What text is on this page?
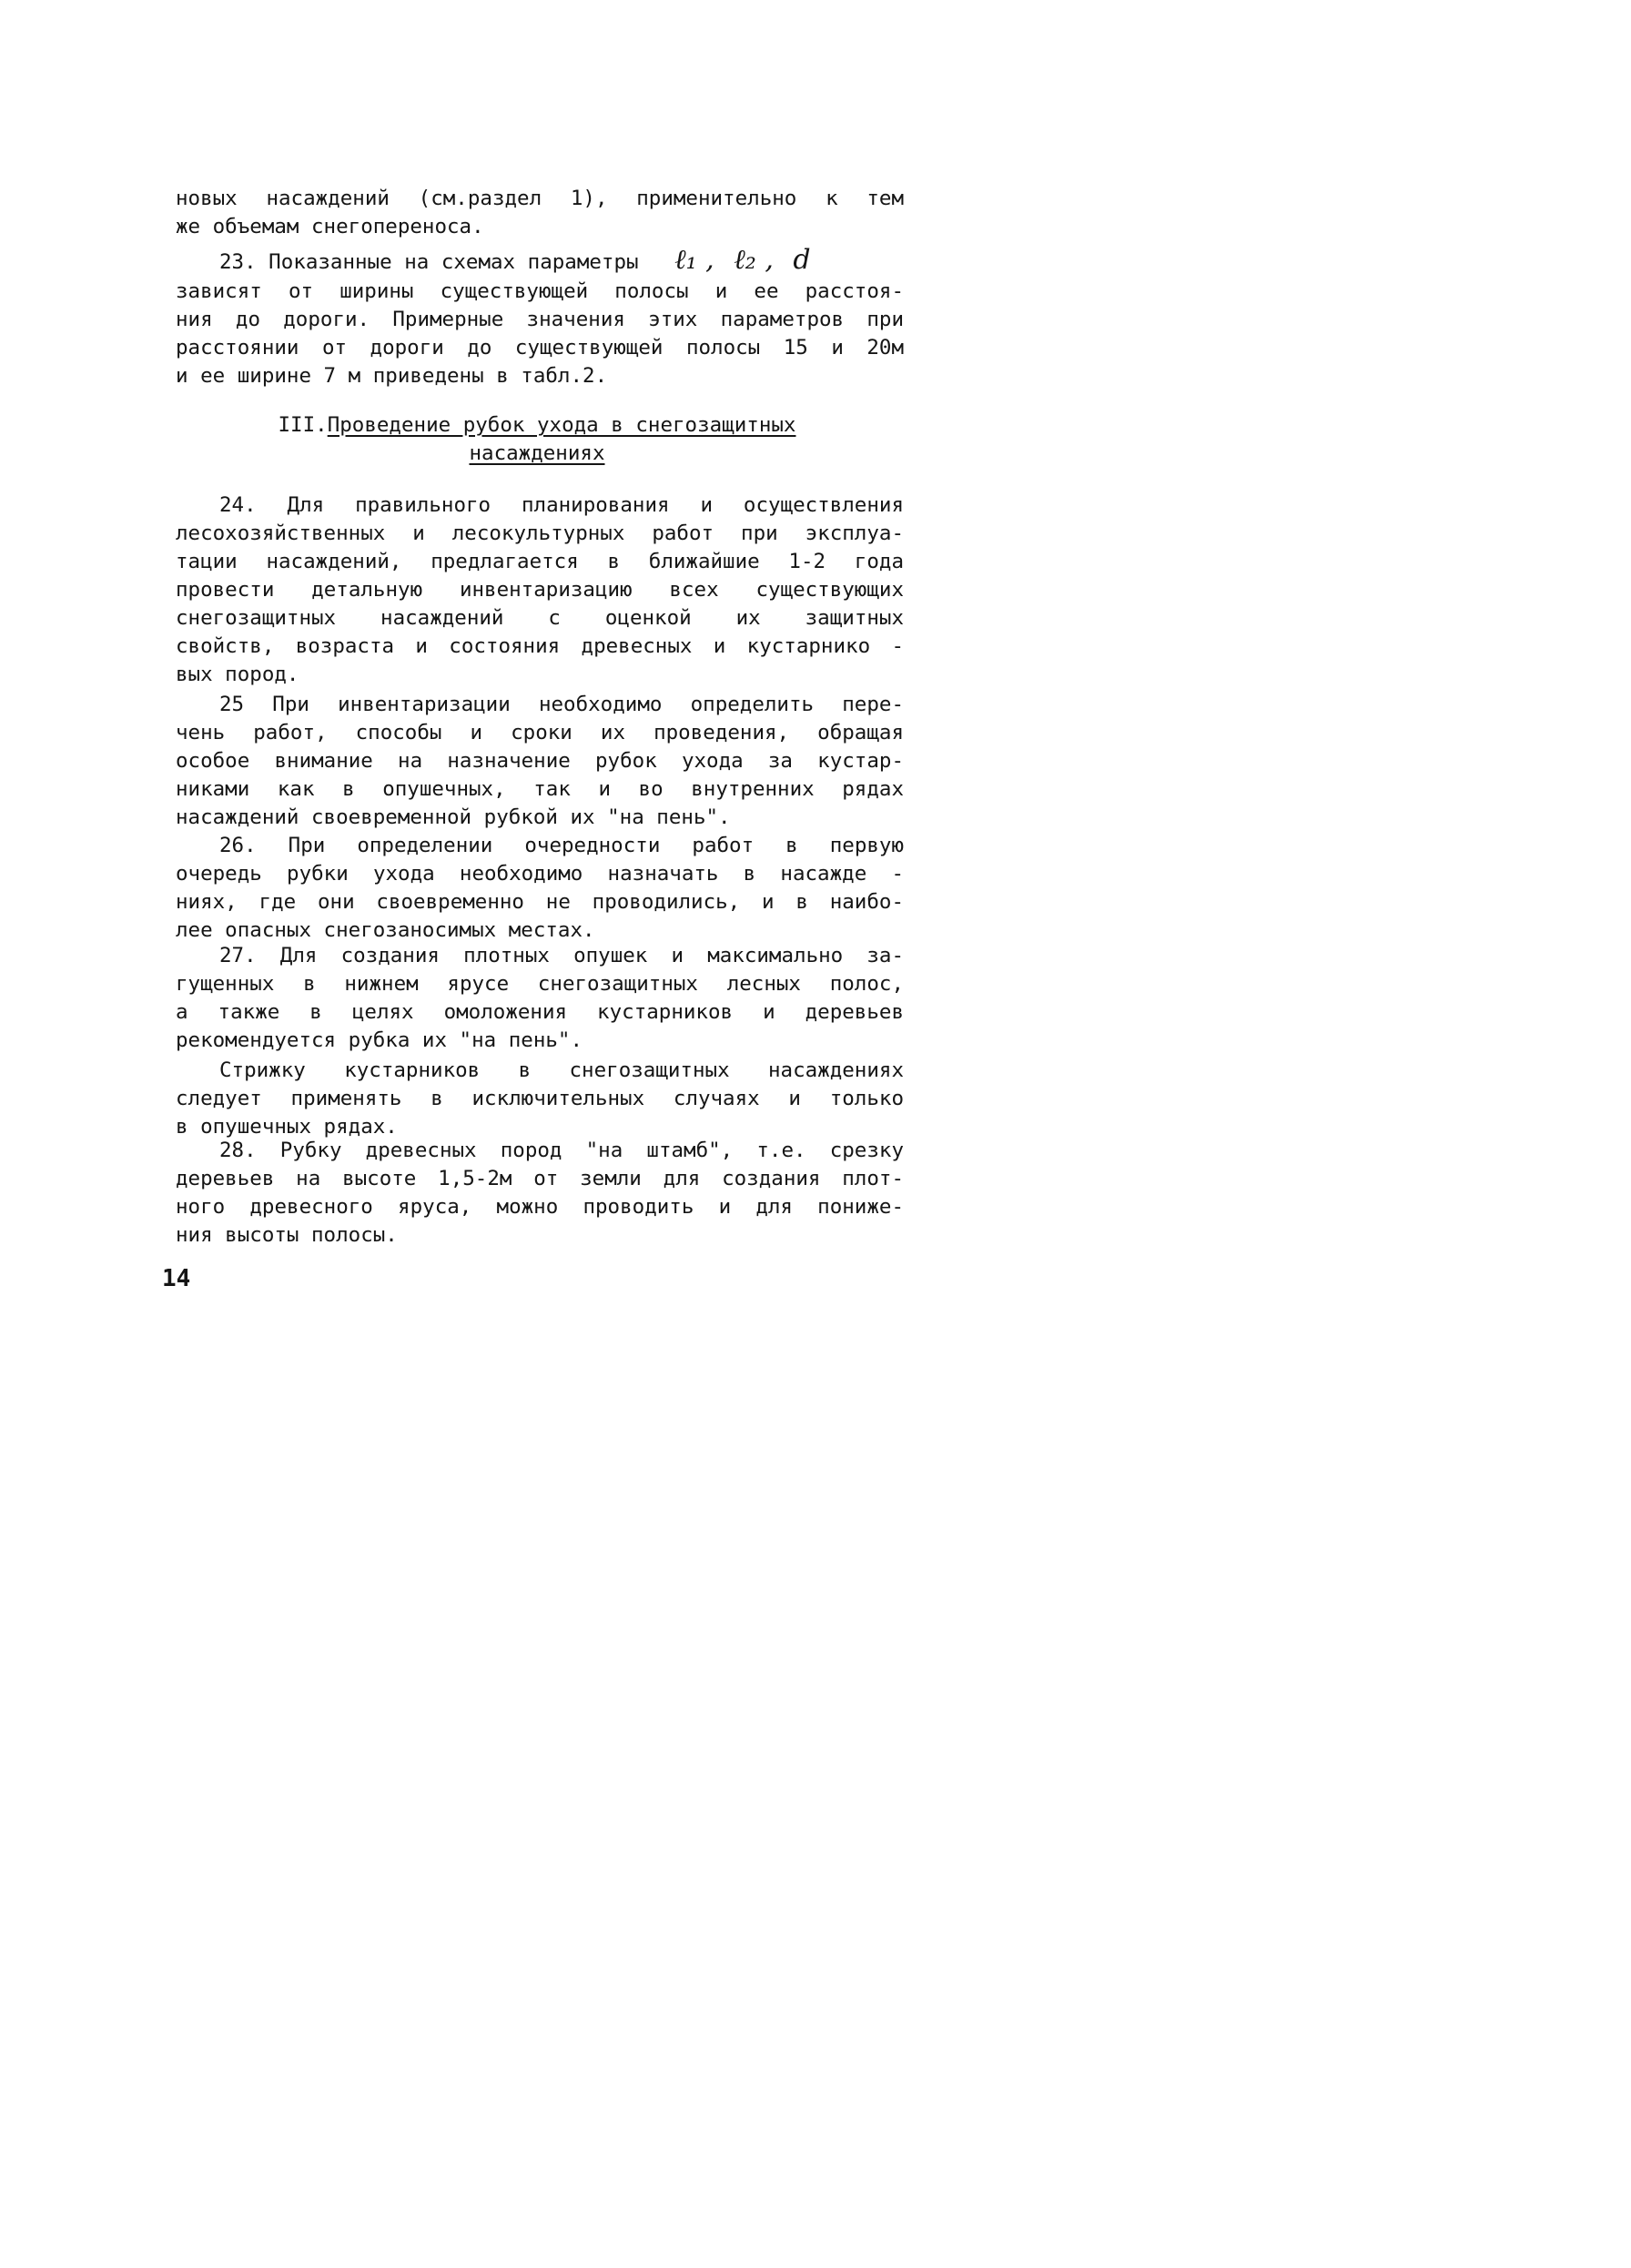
новых насаждений (см.раздел 1), применительно к тем
же объемам снегопереноса.
23. Показанные на схемах параметры ℓ₁ , ℓ₂ , d
зависят от ширины существующей полосы и ее расстоя-
ния до дороги. Примерные значения этих параметров при
расстоянии от дороги до существующей полосы 15 и 20м
и ее ширине 7 м приведены в табл.2.
III.Проведение рубок ухода в снегозащитных
насаждениях
24. Для правильного планирования и осуществления
лесохозяйственных и лесокультурных работ при эксплуа-
тации насаждений, предлагается в ближайшие 1-2 года
провести детальную инвентаризацию всех существующих
снегозащитных насаждений с оценкой их защитных
свойств, возраста и состояния древесных и кустарнико -
вых пород.
25 При инвентаризации необходимо определить пере-
чень работ, способы и сроки их проведения, обращая
особое внимание на назначение рубок ухода за кустар-
никами как в опушечных, так и во внутренних рядах
насаждений своевременной рубкой их "на пень".
26. При определении очередности работ в первую
очередь рубки ухода необходимо назначать в насажде -
ниях, где они своевременно не проводились, и в наибо-
лее опасных снегозаносимых местах.
27. Для создания плотных опушек и максимально за-
гущенных в нижнем ярусе снегозащитных лесных полос,
а также в целях омоложения кустарников и деревьев
рекомендуется рубка их "на пень".
Стрижку кустарников в снегозащитных насаждениях
следует применять в исключительных случаях и только
в опушечных рядах.
28. Рубку древесных пород "на штамб", т.е. срезку
деревьев на высоте 1,5-2м от земли для создания плот-
ного древесного яруса, можно проводить и для пониже-
ния высоты полосы.
14
